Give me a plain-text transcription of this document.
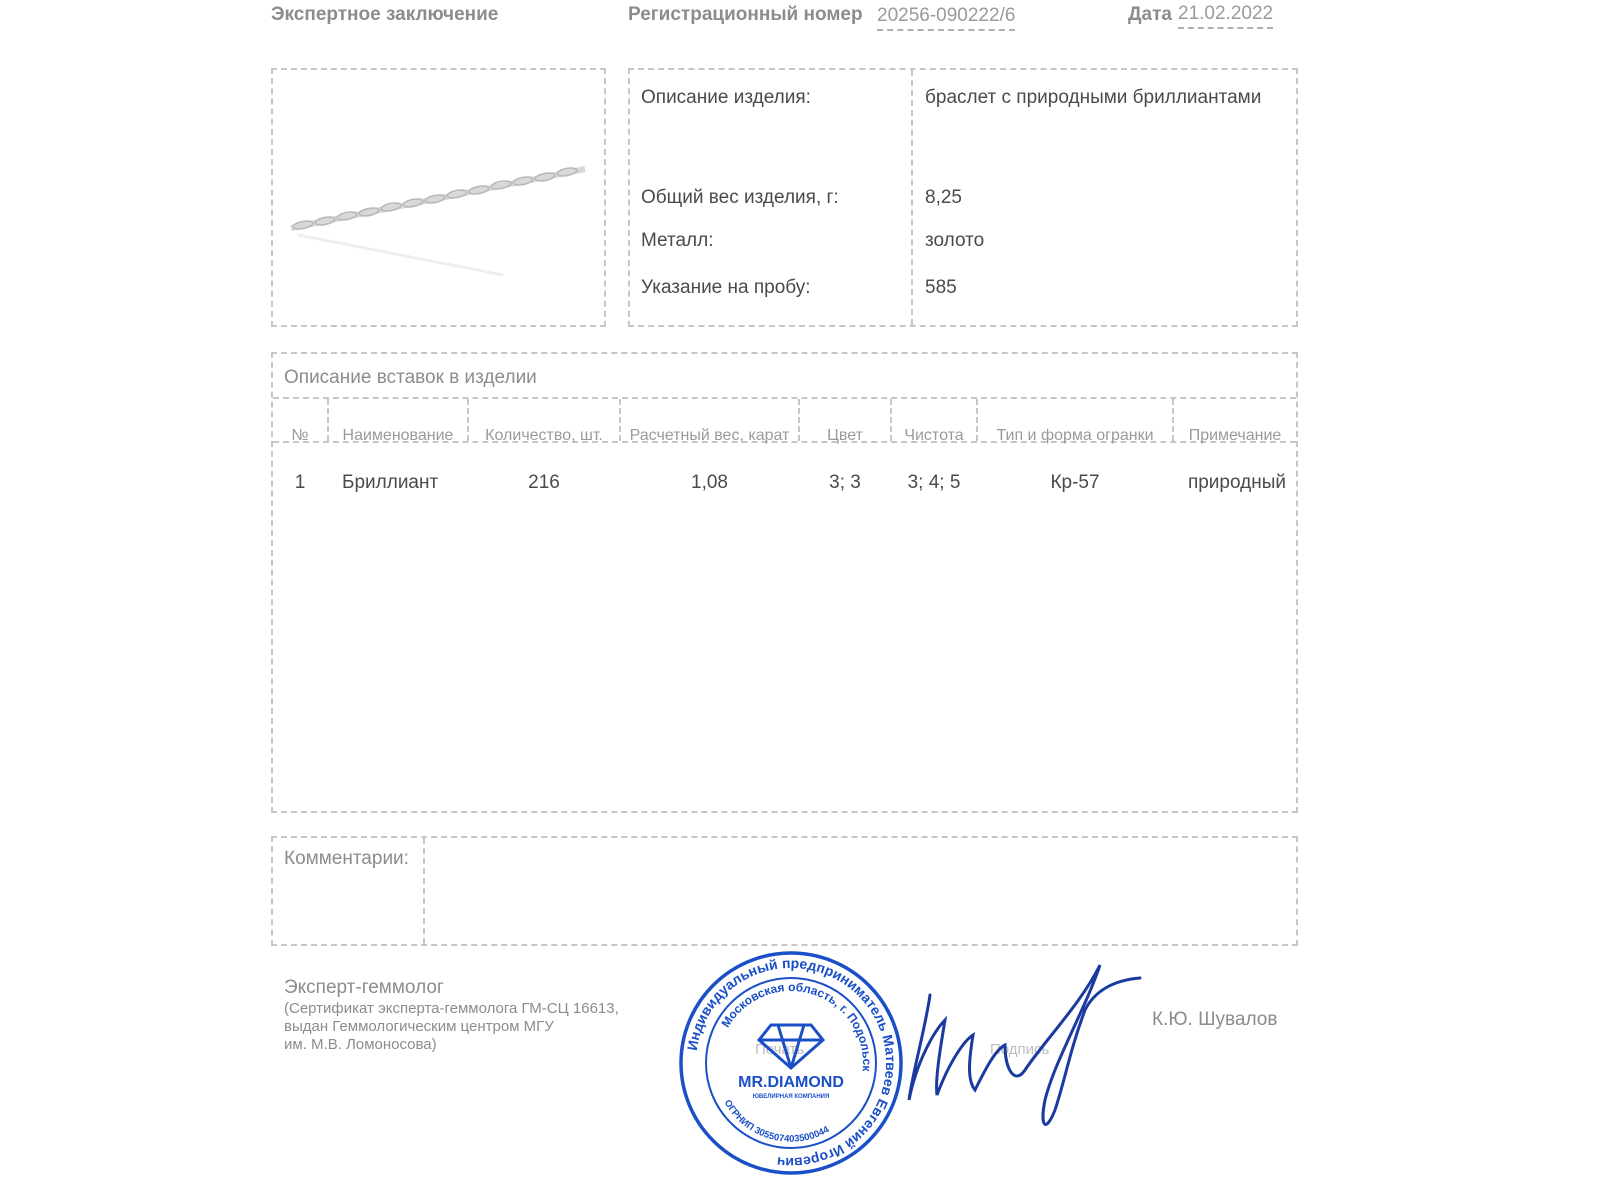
Экспертное заключение	Регистрационный номер 20256-090222/6	Дата 21.02.2022
Описание изделия:	браслет с природными бриллиантами
Общий вес изделия, г:	8,25
Металл:	золото
Указание на пробу:	585
Описание вставок в изделии
№	Наименование	Количество, шт.	Расчетный вес, карат	Цвет	Чистота	Тип и форма огранки	Примечание
1	Бриллиант	216	1,08	3; 3	3; 4; 5	Кр-57	природный
Комментарии:
Эксперт-геммолог
(Сертификат эксперта-геммолога ГМ-СЦ 16613,
выдан Геммологическим центром МГУ
им. М.В. Ломоносова)	Печать	Подпись
К.Ю. Шувалов
Индивидуальный предприниматель Матвеев Евгений Игоревич
Московская область, г. Подольск
ОГРНИП 305507403500044
MR.DIAMOND
ЮВЕЛИРНАЯ КОМПАНИЯ
